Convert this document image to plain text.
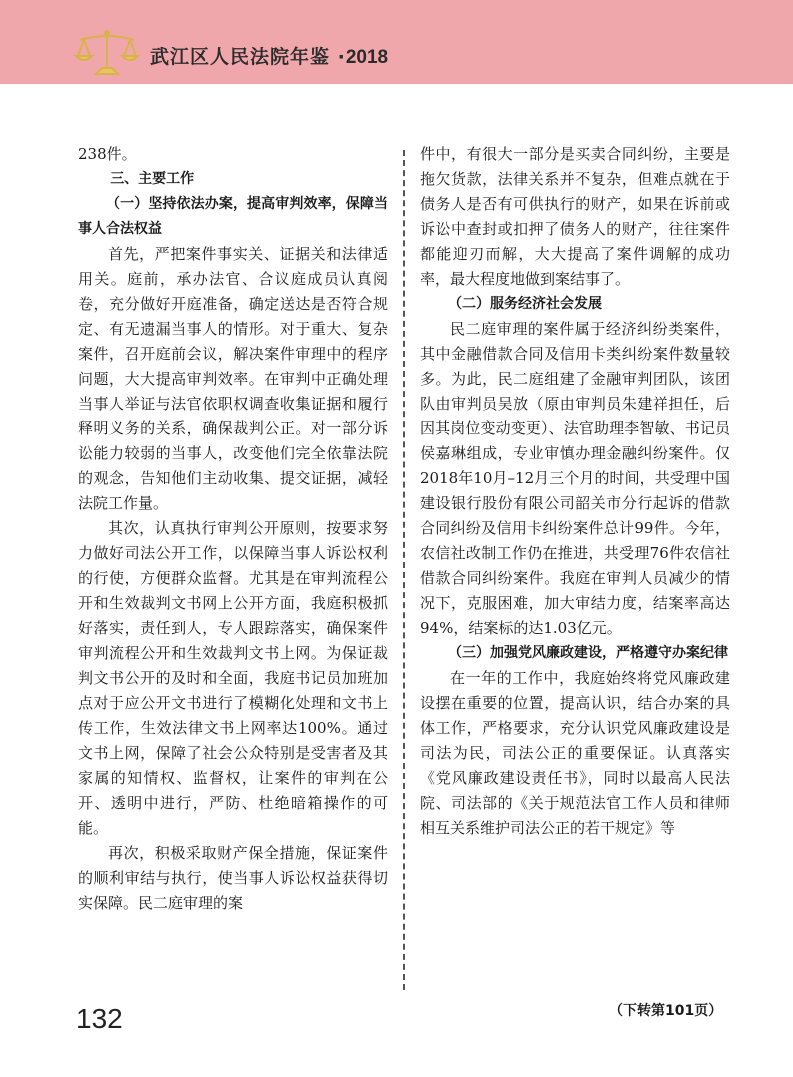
武江区人民法院年鉴 ·2018

238件。

三、主要工作

（一）坚持依法办案，提高审判效率，保障当事人合法权益

首先，严把案件事实关、证据关和法律适用关。庭前，承办法官、合议庭成员认真阅卷，充分做好开庭准备，确定送达是否符合规定、有无遗漏当事人的情形。对于重大、复杂案件，召开庭前会议，解决案件审理中的程序问题，大大提高审判效率。在审判中正确处理当事人举证与法官依职权调查收集证据和履行释明义务的关系，确保裁判公正。对一部分诉讼能力较弱的当事人，改变他们完全依靠法院的观念，告知他们主动收集、提交证据，减轻法院工作量。

其次，认真执行审判公开原则，按要求努力做好司法公开工作，以保障当事人诉讼权利的行使，方便群众监督。尤其是在审判流程公开和生效裁判文书网上公开方面，我庭积极抓好落实，责任到人，专人跟踪落实，确保案件审判流程公开和生效裁判文书上网。为保证裁判文书公开的及时和全面，我庭书记员加班加点对于应公开文书进行了模糊化处理和文书上传工作，生效法律文书上网率达100%。通过文书上网，保障了社会公众特别是受害者及其家属的知情权、监督权，让案件的审判在公开、透明中进行，严防、杜绝暗箱操作的可能。

再次，积极采取财产保全措施，保证案件的顺利审结与执行，使当事人诉讼权益获得切实保障。民二庭审理的案

件中，有很大一部分是买卖合同纠纷，主要是拖欠货款，法律关系并不复杂，但难点就在于债务人是否有可供执行的财产，如果在诉前或诉讼中查封或扣押了债务人的财产，往往案件都能迎刃而解，大大提高了案件调解的成功率，最大程度地做到案结事了。

（二）服务经济社会发展

民二庭审理的案件属于经济纠纷类案件，其中金融借款合同及信用卡类纠纷案件数量较多。为此，民二庭组建了金融审判团队，该团队由审判员吴放（原由审判员朱建祥担任，后因其岗位变动变更）、法官助理李智敏、书记员侯嘉琳组成，专业审慎办理金融纠纷案件。仅2018年10月–12月三个月的时间，共受理中国建设银行股份有限公司韶关市分行起诉的借款合同纠纷及信用卡纠纷案件总计99件。今年，农信社改制工作仍在推进，共受理76件农信社借款合同纠纷案件。我庭在审判人员减少的情况下，克服困难，加大审结力度，结案率高达94%，结案标的达1.03亿元。

（三）加强党风廉政建设，严格遵守办案纪律

在一年的工作中，我庭始终将党风廉政建设摆在重要的位置，提高认识，结合办案的具体工作，严格要求，充分认识党风廉政建设是司法为民，司法公正的重要保证。认真落实《党风廉政建设责任书》，同时以最高人民法院、司法部的《关于规范法官工作人员和律师相互关系维护司法公正的若干规定》等

132	（下转第101页）
